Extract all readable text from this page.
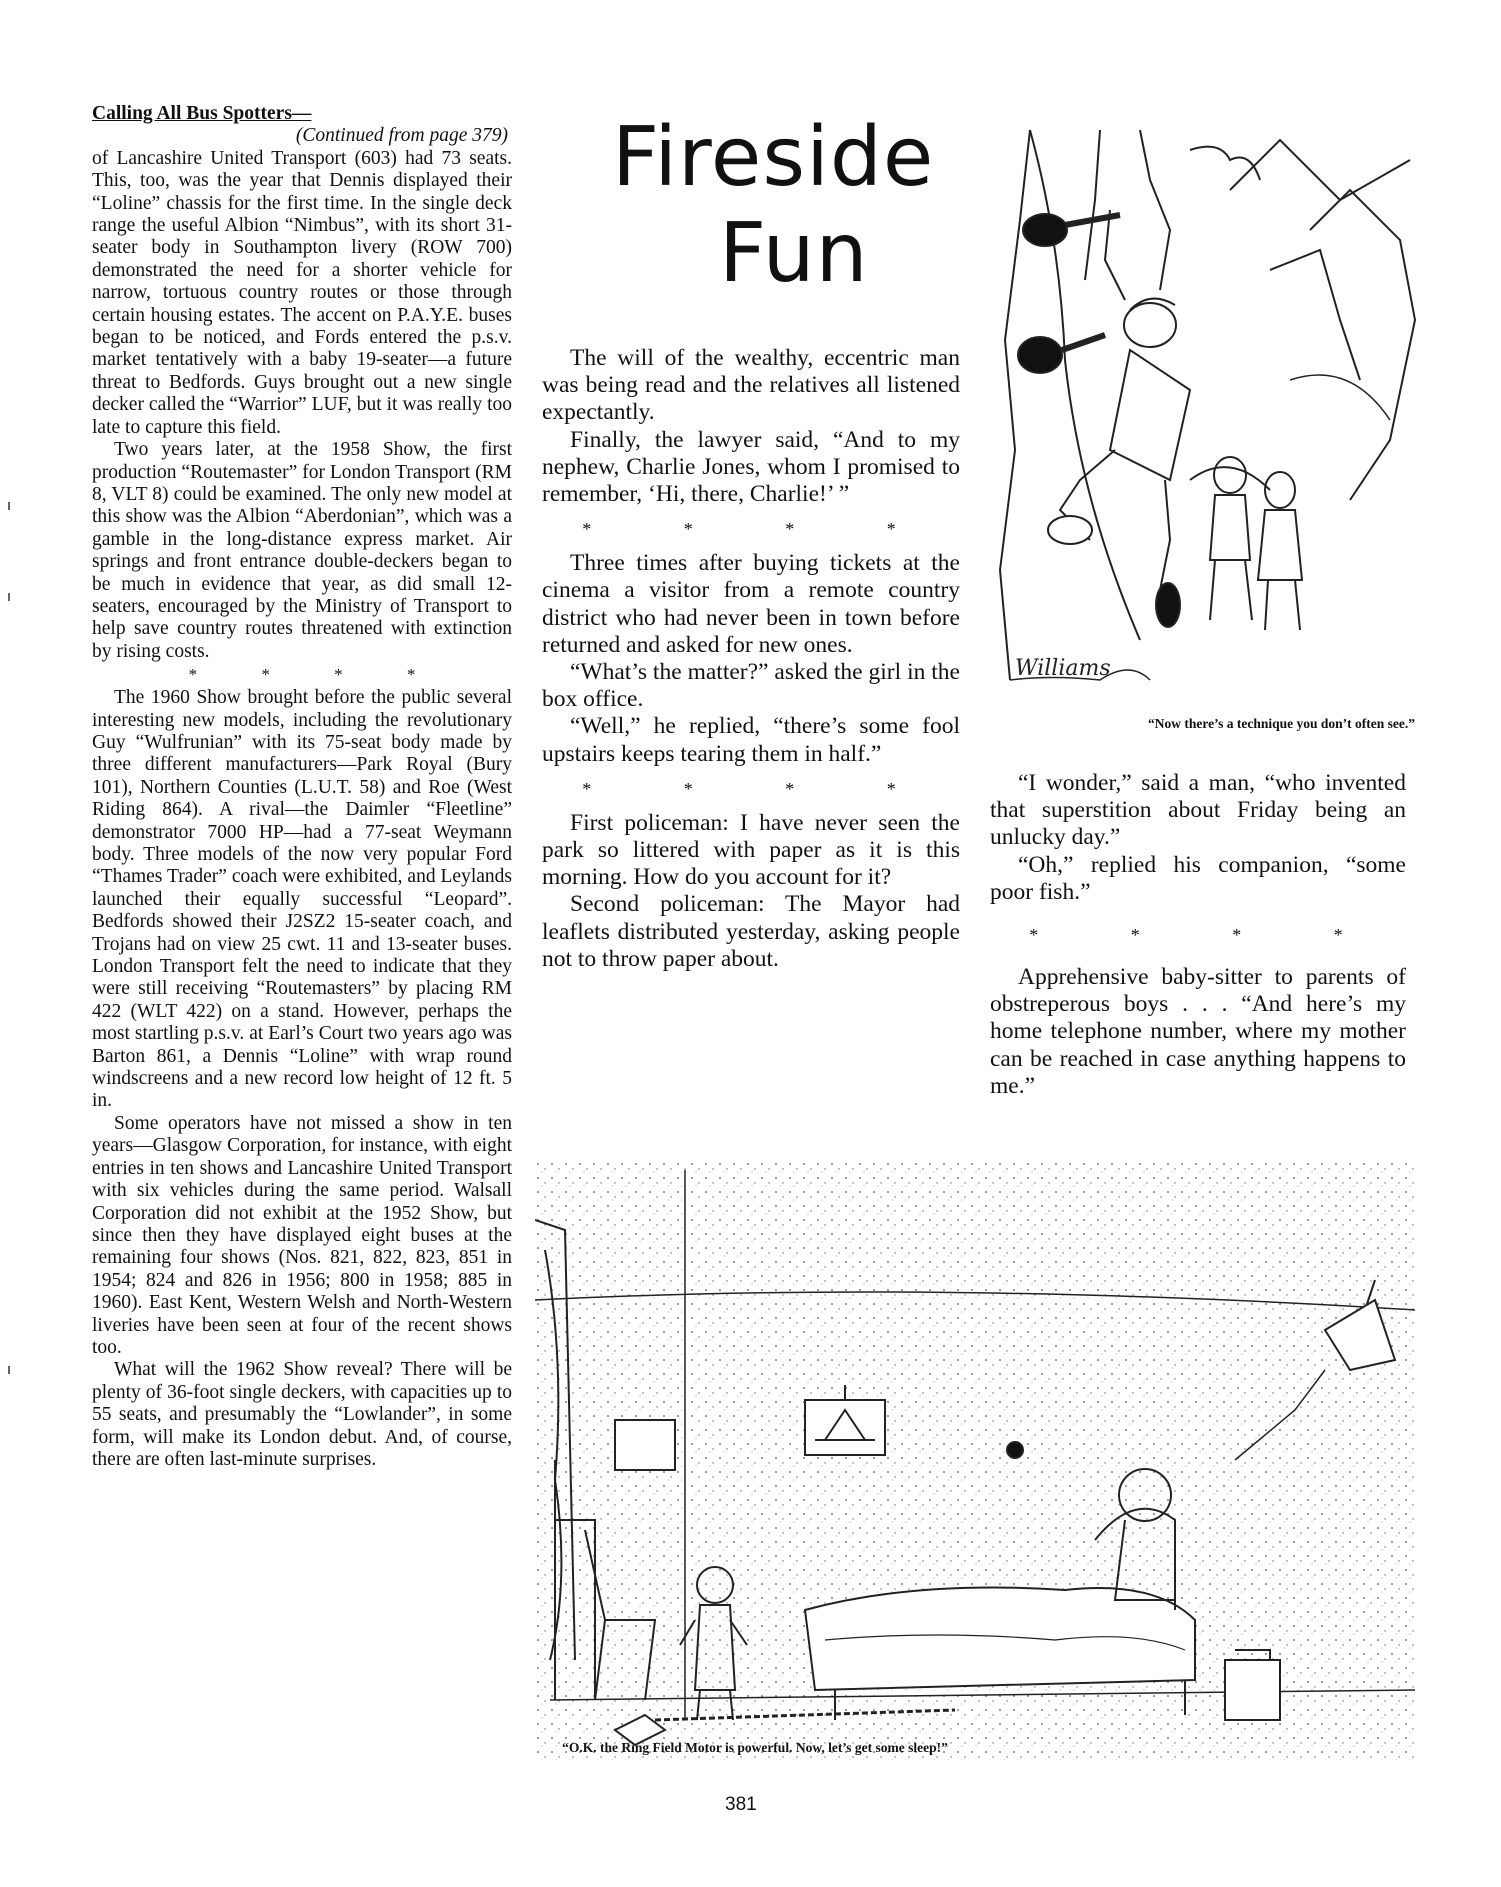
Calling All Bus Spotters—
(Continued from page 379)

of Lancashire United Transport (603) had 73 seats. This, too, was the year that Dennis displayed their “Loline” chassis for the first time. In the single deck range the useful Albion “Nimbus”, with its short 31-seater body in Southampton livery (ROW 700) demonstrated the need for a shorter vehicle for narrow, tortuous country routes or those through certain housing estates. The accent on P.A.Y.E. buses began to be noticed, and Fords entered the p.s.v. market tentatively with a baby 19-seater—a future threat to Bedfords. Guys brought out a new single decker called the “Warrior” LUF, but it was really too late to capture this field.

Two years later, at the 1958 Show, the first production “Routemaster” for London Transport (RM 8, VLT 8) could be examined. The only new model at this show was the Albion “Aberdonian”, which was a gamble in the long-distance express market. Air springs and front entrance double-deckers began to be much in evidence that year, as did small 12-seaters, encouraged by the Ministry of Transport to help save country routes threatened with extinction by rising costs.

* * * *

The 1960 Show brought before the public several interesting new models, including the revolutionary Guy “Wulfrunian” with its 75-seat body made by three different manufacturers—Park Royal (Bury 101), Northern Counties (L.U.T. 58) and Roe (West Riding 864). A rival—the Daimler “Fleetline” demonstrator 7000 HP—had a 77-seat Weymann body. Three models of the now very popular Ford “Thames Trader” coach were exhibited, and Leylands launched their equally successful “Leopard”. Bedfords showed their J2SZ2 15-seater coach, and Trojans had on view 25 cwt. 11 and 13-seater buses. London Transport felt the need to indicate that they were still receiving “Routemasters” by placing RM 422 (WLT 422) on a stand. However, perhaps the most startling p.s.v. at Earl’s Court two years ago was Barton 861, a Dennis “Loline” with wrap round windscreens and a new record low height of 12 ft. 5 in.

Some operators have not missed a show in ten years—Glasgow Corporation, for instance, with eight entries in ten shows and Lancashire United Transport with six vehicles during the same period. Walsall Corporation did not exhibit at the 1952 Show, but since then they have displayed eight buses at the remaining four shows (Nos. 821, 822, 823, 851 in 1954; 824 and 826 in 1956; 800 in 1958; 885 in 1960). East Kent, Western Welsh and North-Western liveries have been seen at four of the recent shows too.

What will the 1962 Show reveal? There will be plenty of 36-foot single deckers, with capacities up to 55 seats, and presumably the “Lowlander”, in some form, will make its London debut. And, of course, there are often last-minute surprises.

Fireside
Fun

The will of the wealthy, eccentric man was being read and the relatives all listened expectantly.

Finally, the lawyer said, “And to my nephew, Charlie Jones, whom I promised to remember, ‘Hi, there, Charlie!’ ”

* * * *

Three times after buying tickets at the cinema a visitor from a remote country district who had never been in town before returned and asked for new ones.

“What’s the matter?” asked the girl in the box office.

“Well,” he replied, “there’s some fool upstairs keeps tearing them in half.”

* * * *

First policeman: I have never seen the park so littered with paper as it is this morning. How do you account for it?

Second policeman: The Mayor had leaflets distributed yesterday, asking people not to throw paper about.

Williams
“Now there’s a technique you don’t often see.”

“I wonder,” said a man, “who invented that superstition about Friday being an unlucky day.”

“Oh,” replied his companion, “some poor fish.”

* * * *

Apprehensive baby-sitter to parents of obstreperous boys . . . “And here’s my home telephone number, where my mother can be reached in case anything happens to me.”

“O.K. the Ring Field Motor is powerful. Now, let’s get some sleep!”
381
